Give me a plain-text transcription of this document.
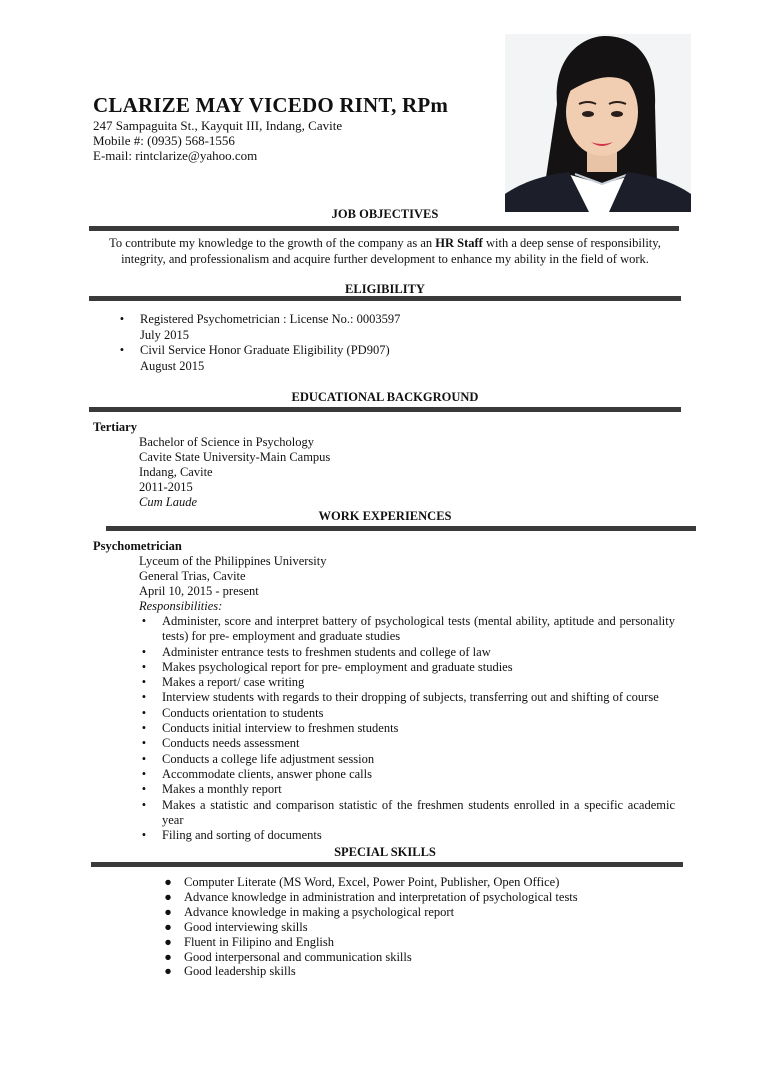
CLARIZE MAY VICEDO RINT, RPm
247 Sampaguita St., Kayquit III, Indang, Cavite
Mobile #: (0935) 568-1556
E-mail: rintclarize@yahoo.com
JOB OBJECTIVES
To contribute my knowledge to the growth of the company as an HR Staff with a deep sense of responsibility, integrity, and professionalism and acquire further development to enhance my ability in the field of work.
ELIGIBILITY
•	Registered Psychometrician : License No.: 0003597
July 2015
•	Civil Service Honor Graduate Eligibility (PD907)
August 2015
EDUCATIONAL BACKGROUND
Tertiary
Bachelor of Science in Psychology
Cavite State University-Main Campus
Indang, Cavite
2011-2015
Cum Laude
WORK EXPERIENCES
Psychometrician
Lyceum of the Philippines University
General Trias, Cavite
April 10, 2015 - present
Responsibilities:
•	Administer, score and interpret battery of psychological tests (mental ability, aptitude and personality tests) for pre- employment and graduate studies
•	Administer entrance tests to freshmen students and college of law
•	Makes psychological report for pre- employment and graduate studies
•	Makes a report/ case writing
•	Interview students with regards to their dropping of subjects, transferring out and shifting of course
•	Conducts orientation to students
•	Conducts initial interview to freshmen students
•	Conducts needs assessment
•	Conducts a college life adjustment session
•	Accommodate clients, answer phone calls
•	Makes a monthly report
•	Makes a statistic and comparison statistic of the freshmen students enrolled in a specific academic year
•	Filing and sorting of documents
SPECIAL SKILLS
● Computer Literate (MS Word, Excel, Power Point, Publisher, Open Office)
● Advance knowledge in administration and interpretation of psychological tests
● Advance knowledge in making a psychological report
● Good interviewing skills
● Fluent in Filipino and English
● Good interpersonal and communication skills
● Good leadership skills
